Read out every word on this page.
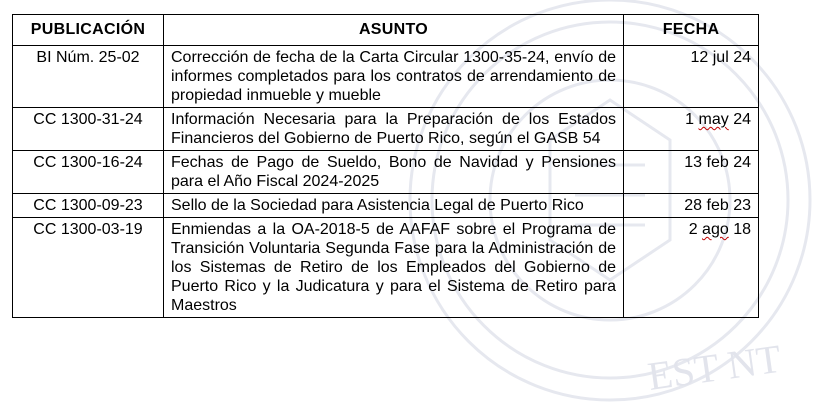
EST NT
PUBLICACIÓN	ASUNTO	FECHA
BI Núm. 25-02	Corrección de fecha de la Carta Circular 1300-35-24, envío de informes completados para los contratos de arrendamiento de propiedad inmueble y mueble	12 jul 24
CC 1300-31-24	Información Necesaria para la Preparación de los Estados Financieros del Gobierno de Puerto Rico, según el GASB 54	1 may 24
CC 1300-16-24	Fechas de Pago de Sueldo, Bono de Navidad y Pensiones para el Año Fiscal 2024-2025	13 feb 24
CC 1300-09-23	Sello de la Sociedad para Asistencia Legal de Puerto Rico	28 feb 23
CC 1300-03-19	Enmiendas a la OA-2018-5 de AAFAF sobre el Programa de Transición Voluntaria Segunda Fase para la Administración de los Sistemas de Retiro de los Empleados del Gobierno de Puerto Rico y la Judicatura y para el Sistema de Retiro para Maestros	2 ago 18
